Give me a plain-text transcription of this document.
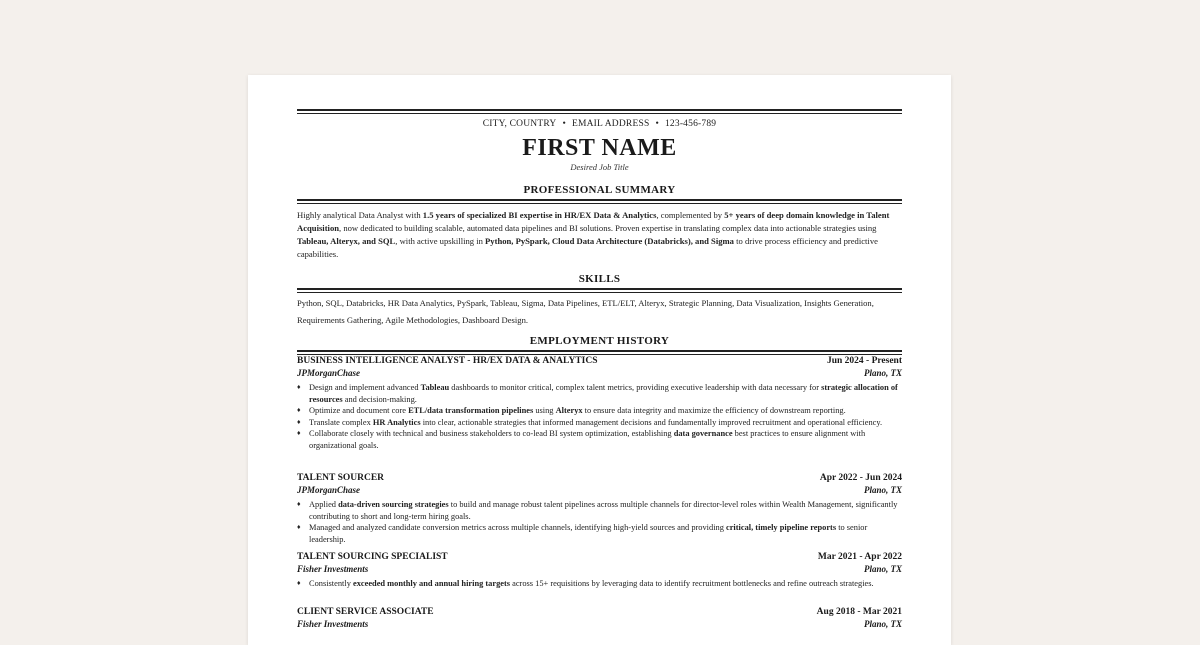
CITY, COUNTRY • EMAIL ADDRESS • 123-456-789
FIRST NAME
Desired Job Title
PROFESSIONAL SUMMARY
Highly analytical Data Analyst with 1.5 years of specialized BI expertise in HR/EX Data & Analytics, complemented by 5+ years of deep domain knowledge in Talent Acquisition, now dedicated to building scalable, automated data pipelines and BI solutions. Proven expertise in translating complex data into actionable strategies using Tableau, Alteryx, and SQL, with active upskilling in Python, PySpark, Cloud Data Architecture (Databricks), and Sigma to drive process efficiency and predictive capabilities.
SKILLS
Python, SQL, Databricks, HR Data Analytics, PySpark, Tableau, Sigma, Data Pipelines, ETL/ELT, Alteryx, Strategic Planning, Data Visualization, Insights Generation, Requirements Gathering, Agile Methodologies, Dashboard Design.
EMPLOYMENT HISTORY
BUSINESS INTELLIGENCE ANALYST - HR/EX DATA & ANALYTICS	Jun 2024 - Present
JPMorganChase	Plano, TX
♦ Design and implement advanced Tableau dashboards to monitor critical, complex talent metrics, providing executive leadership with data necessary for strategic allocation of resources and decision-making.
♦ Optimize and document core ETL/data transformation pipelines using Alteryx to ensure data integrity and maximize the efficiency of downstream reporting.
♦ Translate complex HR Analytics into clear, actionable strategies that informed management decisions and fundamentally improved recruitment and operational efficiency.
♦ Collaborate closely with technical and business stakeholders to co-lead BI system optimization, establishing data governance best practices to ensure alignment with organizational goals.
TALENT SOURCER	Apr 2022 - Jun 2024
JPMorganChase	Plano, TX
♦ Applied data-driven sourcing strategies to build and manage robust talent pipelines across multiple channels for director-level roles within Wealth Management, significantly contributing to short and long-term hiring goals.
♦ Managed and analyzed candidate conversion metrics across multiple channels, identifying high-yield sources and providing critical, timely pipeline reports to senior leadership.
TALENT SOURCING SPECIALIST	Mar 2021 - Apr 2022
Fisher Investments	Plano, TX
♦ Consistently exceeded monthly and annual hiring targets across 15+ requisitions by leveraging data to identify recruitment bottlenecks and refine outreach strategies.
CLIENT SERVICE ASSOCIATE	Aug 2018 - Mar 2021
Fisher Investments	Plano, TX
